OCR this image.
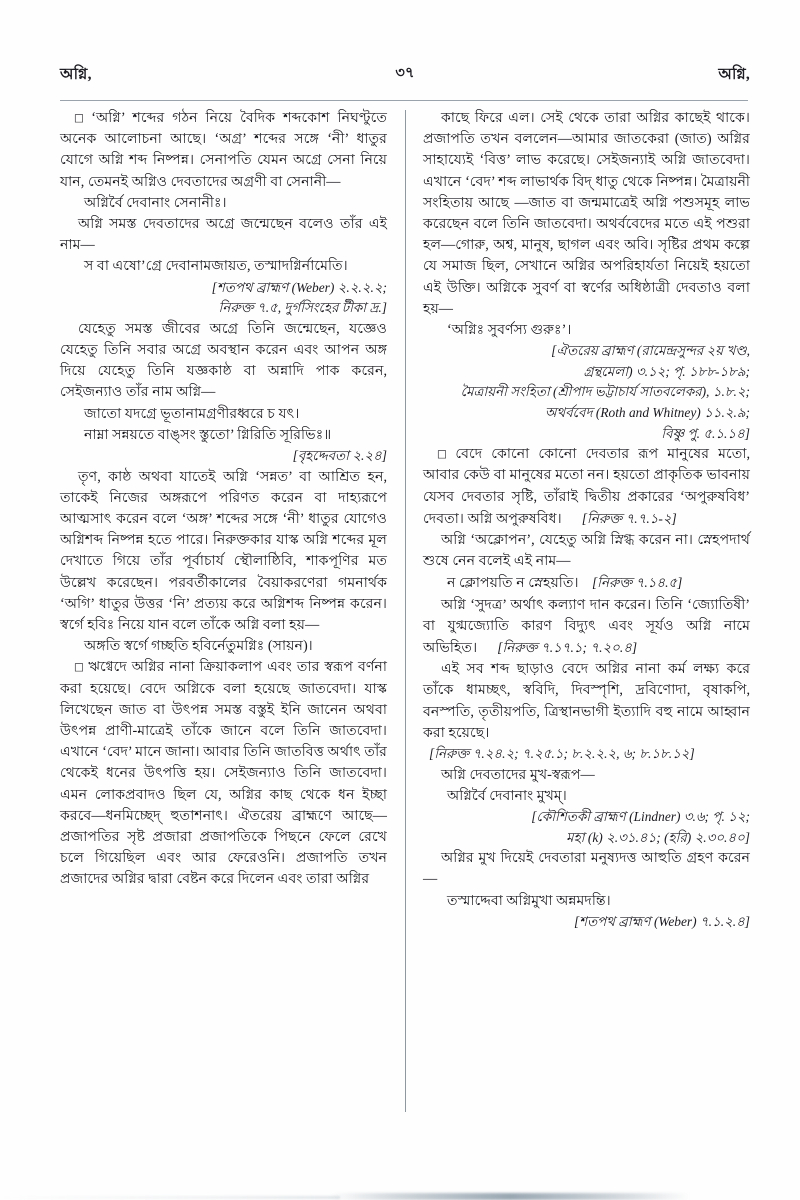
অগ্নি,	৩৭	অগ্নি,

□ ‘অগ্নি’ শব্দের গঠন নিয়ে বৈদিক শব্দকোশ নিঘণ্টুতে অনেক আলোচনা আছে। ‘অগ্র’ শব্দের সঙ্গে ‘নী’ ধাতুর যোগে অগ্নি শব্দ নিষ্পন্ন। সেনাপতি যেমন অগ্রে সেনা নিয়ে যান, তেমনই অগ্নিও দেবতাদের অগ্রণী বা সেনানী—

অগ্নির্বৈ দেবানাং সেনানীঃ।

অগ্নি সমস্ত দেবতাদের অগ্রে জন্মেছেন বলেও তাঁর এই নাম—

স বা এষো’গ্রে দেবানামজায়ত, তস্মাদগ্নির্নামেতি।

[শতপথ ব্রাহ্মণ (Weber) ২.২.২.২;

নিরুক্ত ৭.৫, দুর্গসিংহের টীকা দ্র.]

যেহেতু সমস্ত জীবের অগ্রে তিনি জন্মেছেন, যজ্ঞেও যেহেতু তিনি সবার অগ্রে অবস্থান করেন এবং আপন অঙ্গ দিয়ে যেহেতু তিনি যজ্ঞকাষ্ঠ বা অন্নাদি পাক করেন, সেইজন্যাও তাঁর নাম অগ্নি—

জাতো যদগ্রে ভূতানামগ্রণীরধ্বরে চ যৎ।

নাম্না সন্নয়তে বাঙ্সং স্তুতো’ গ্নিরিতি সূরিভিঃ॥

[বৃহদ্দেবতা ২.২৪]

তৃণ, কাষ্ঠ অথবা যাতেই অগ্নি ‘সন্নত’ বা আশ্রিত হন, তাকেই নিজের অঙ্গরূপে পরিণত করেন বা দাহ্যরূপে আত্মসাৎ করেন বলে ‘অঙ্গ’ শব্দের সঙ্গে ‘নী’ ধাতুর যোগেও অগ্নিশব্দ নিষ্পন্ন হতে পারে। নিরুক্তকার যাস্ক অগ্নি শব্দের মূল দেখাতে গিয়ে তাঁর পূর্বাচার্য স্থৌলাষ্ঠিবি, শাকপূণির মত উল্লেখ করেছেন। পরবর্তীকালের বৈয়াকরণেরা গমনার্থক ‘অগি’ ধাতুর উত্তর ‘নি’ প্রত্যয় করে অগ্নিশব্দ নিষ্পন্ন করেন। স্বর্গে হবিঃ নিয়ে যান বলে তাঁকে অগ্নি বলা হয়—

অঙ্গতি স্বর্গে গচ্ছতি হবির্নেতুমগ্নিঃ (সায়ন)।

□ ঋগ্বেদে অগ্নির নানা ক্রিয়াকলাপ এবং তার স্বরূপ বর্ণনা করা হয়েছে। বেদে অগ্নিকে বলা হয়েছে জাতবেদা। যাস্ক লিখেছেন জাত বা উৎপন্ন সমস্ত বস্তুই ইনি জানেন অথবা উৎপন্ন প্রাণী-মাত্রেই তাঁকে জানে বলে তিনি জাতবেদা। এখানে ‘বেদ’ মানে জানা। আবার তিনি জাতবিত্ত অর্থাৎ তাঁর থেকেই ধনের উৎপত্তি হয়। সেইজন্যাও তিনি জাতবেদা। এমন লোকপ্রবাদও ছিল যে, অগ্নির কাছ থেকে ধন ইচ্ছা করবে—ধনমিচ্ছেদ্ হুতাশনাৎ। ঐতরেয় ব্রাহ্মণে আছে—প্রজাপতির সৃষ্ট প্রজারা প্রজাপতিকে পিছনে ফেলে রেখে চলে গিয়েছিল এবং আর ফেরেওনি। প্রজাপতি তখন প্রজাদের অগ্নির দ্বারা বেষ্টন করে দিলেন এবং তারা অগ্নির

কাছে ফিরে এল। সেই থেকে তারা অগ্নির কাছেই থাকে। প্রজাপতি তখন বললেন—আমার জাতকেরা (জাত) অগ্নির সাহায্যেই ‘বিত্ত’ লাভ করেছে। সেইজন্যাই অগ্নি জাতবেদা। এখানে ‘বেদ’ শব্দ লাভার্থক বিদ্ ধাতু থেকে নিষ্পন্ন। মৈত্রায়নী সংহিতায় আছে —জাত বা জন্মমাত্রেই অগ্নি পশুসমূহ লাভ করেছেন বলে তিনি জাতবেদা। অথর্ববেদের মতে এই পশুরা হল—গোরু, অশ্ব, মানুষ, ছাগল এবং অবি। সৃষ্টির প্রথম কল্পে যে সমাজ ছিল, সেখানে অগ্নির অপরিহার্যতা নিয়েই হয়তো এই উক্তি। অগ্নিকে সুবর্ণ বা স্বর্ণের অধিষ্ঠাত্রী দেবতাও বলা হয়—

‘অগ্নিঃ সুবর্ণস্য গুরুঃ’।

[ঐতরেয় ব্রাহ্মণ (রামেন্দ্রসুন্দর ২য় খণ্ড,

গ্রন্থমেলা) ৩.১২; পৃ. ১৮৮-১৮৯;

মৈত্রায়নী সংহিতা (শ্রীপাদ ভট্টাচার্য সাতবলেকর), ১.৮.২;

অথর্ববেদ (Roth and Whitney) ১১.২.৯;

বিষ্ণু পু. ৫.১.১৪]

□ বেদে কোনো কোনো দেবতার রূপ মানুষের মতো, আবার কেউ বা মানুষের মতো নন। হয়তো প্রাকৃতিক ভাবনায় যেসব দেবতার সৃষ্টি, তাঁরাই দ্বিতীয় প্রকারের ‘অপুরুষবিধ’ দেবতা। অগ্নি অপুরুষবিধ।   [নিরুক্ত ৭.৭.১-২]

অগ্নি ‘অক্লোপন’, যেহেতু অগ্নি স্নিগ্ধ করেন না। স্নেহপদার্থ শুষে নেন বলেই এই নাম—

ন ক্লোপয়তি ন স্নেহয়তি।  [নিরুক্ত ৭.১৪.৫]

অগ্নি ‘সুদত্র’ অর্থাৎ কল্যাণ দান করেন। তিনি ‘জ্যোতিষী’ বা যুগ্মজ্যোতি কারণ বিদ্যুৎ এবং সূর্যও অগ্নি নামে অভিহিত।   [নিরুক্ত ৭.১৭.১; ৭.২০.৪]

এই সব শব্দ ছাড়াও বেদে অগ্নির নানা কর্ম লক্ষ্য করে তাঁকে ধামচ্ছৎ, স্ববিদি, দিবস্পৃশি, দ্রবিণোদা, বৃষাকপি, বনস্পতি, তৃতীয়পতি, ত্রিস্থানভাগী ইত্যাদি বহু নামে আহ্বান করা হয়েছে।

[নিরুক্ত ৭.২৪.২; ৭.২৫.১; ৮.২.২.২, ৬; ৮.১৮.১২]

অগ্নি দেবতাদের মুখ-স্বরূপ—

অগ্নির্বৈ দেবানাং মুখম্‌।

[কৌশিতকী ব্রাহ্মণ (Lindner) ৩.৬; পৃ. ১২;

মহা (k) ২.৩১.৪১; (হরি) ২.৩০.৪০]

অগ্নির মুখ দিয়েই দেবতারা মনুষ্যদত্ত আহুতি গ্রহণ করেন—

তস্মাদ্দেবা অগ্নিমুখা অন্নমদন্তি।

[শতপথ ব্রাহ্মণ (Weber) ৭.১.২.৪]
